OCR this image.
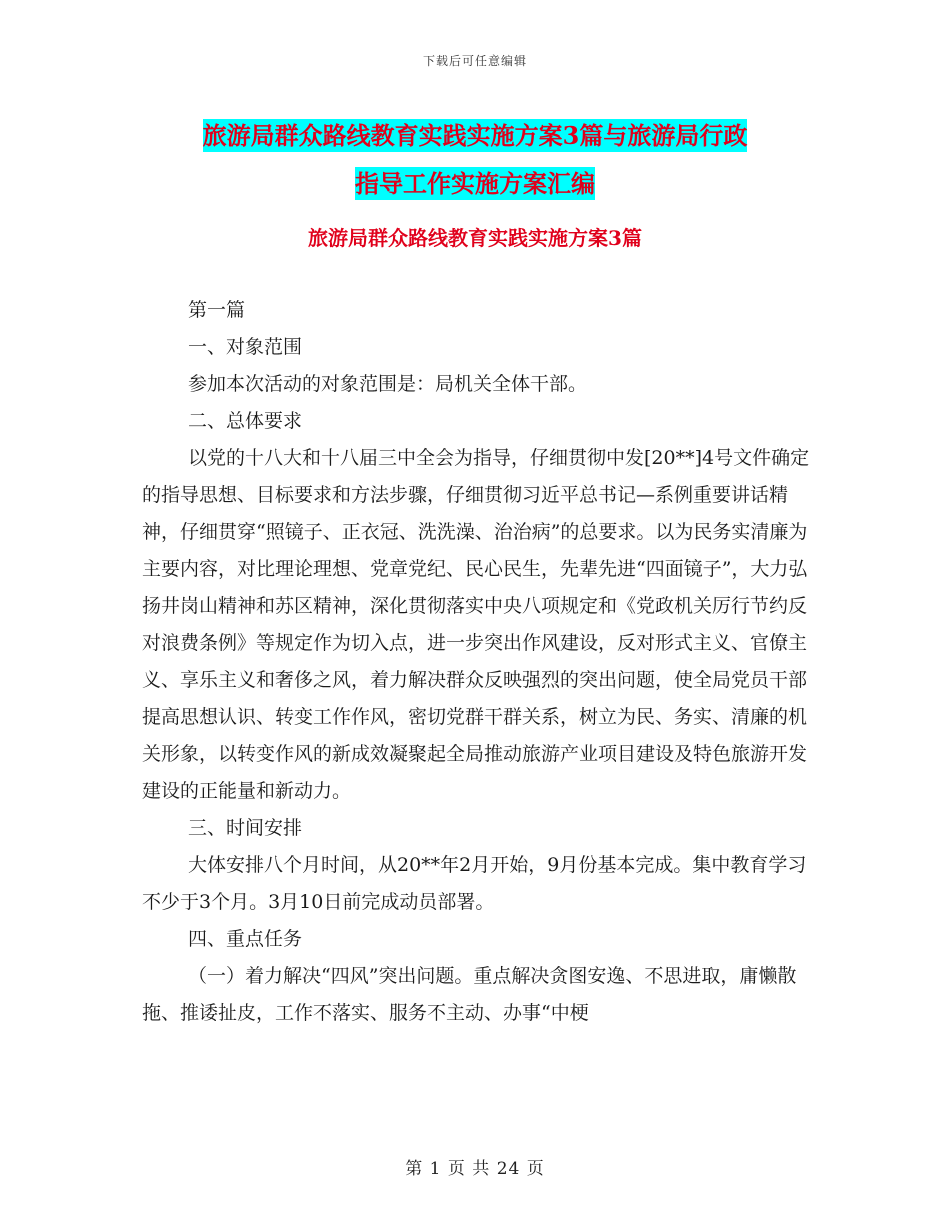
下载后可任意编辑
旅游局群众路线教育实践实施方案3篇与旅游局行政
指导工作实施方案汇编
旅游局群众路线教育实践实施方案3篇

第一篇

一、对象范围

参加本次活动的对象范围是：局机关全体干部。

二、总体要求

以党的十八大和十八届三中全会为指导，仔细贯彻中发[20**]4号文件确定的指导思想、目标要求和方法步骤，仔细贯彻习近平总书记—系例重要讲话精神，仔细贯穿“照镜子、正衣冠、洗洗澡、治治病”的总要求。以为民务实清廉为主要内容，对比理论理想、党章党纪、民心民生，先辈先进“四面镜子”，大力弘扬井岗山精神和苏区精神，深化贯彻落实中央八项规定和《党政机关厉行节约反对浪费条例》等规定作为切入点，进一步突出作风建设，反对形式主义、官僚主义、享乐主义和奢侈之风，着力解决群众反映强烈的突出问题，使全局党员干部提高思想认识、转变工作作风，密切党群干群关系，树立为民、务实、清廉的机关形象，以转变作风的新成效凝聚起全局推动旅游产业项目建设及特色旅游开发建设的正能量和新动力。

三、时间安排

大体安排八个月时间，从20**年2月开始，9月份基本完成。集中教育学习不少于3个月。3月10日前完成动员部署。

四、重点任务

（一）着力解决“四风”突出问题。重点解决贪图安逸、不思进取，庸懒散拖、推诿扯皮，工作不落实、服务不主动、办事“中梗

第 1 页 共 24 页
